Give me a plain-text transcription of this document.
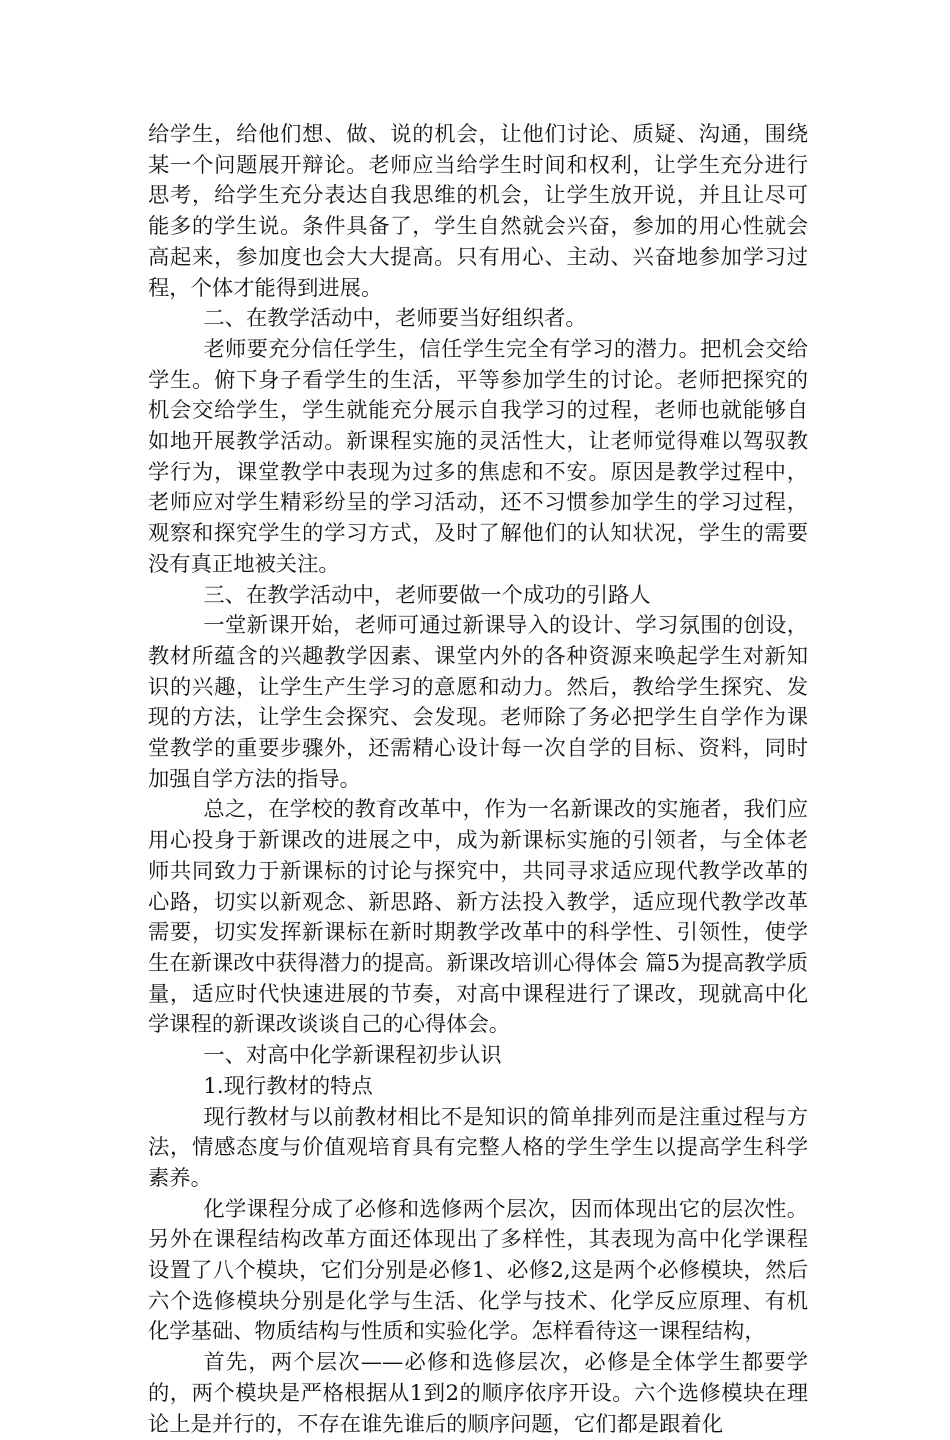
给学生，给他们想、做、说的机会，让他们讨论、质疑、沟通，围绕某一个问题展开辩论。老师应当给学生时间和权利，让学生充分进行思考，给学生充分表达自我思维的机会，让学生放开说，并且让尽可能多的学生说。条件具备了，学生自然就会兴奋，参加的用心性就会高起来，参加度也会大大提高。只有用心、主动、兴奋地参加学习过程，个体才能得到进展。

二、在教学活动中，老师要当好组织者。

老师要充分信任学生，信任学生完全有学习的潜力。把机会交给学生。俯下身子看学生的生活，平等参加学生的讨论。老师把探究的机会交给学生，学生就能充分展示自我学习的过程，老师也就能够自如地开展教学活动。新课程实施的灵活性大，让老师觉得难以驾驭教学行为，课堂教学中表现为过多的焦虑和不安。原因是教学过程中，老师应对学生精彩纷呈的学习活动，还不习惯参加学生的学习过程，观察和探究学生的学习方式，及时了解他们的认知状况，学生的需要没有真正地被关注。

三、在教学活动中，老师要做一个成功的引路人

一堂新课开始，老师可通过新课导入的设计、学习氛围的创设，教材所蕴含的兴趣教学因素、课堂内外的各种资源来唤起学生对新知识的兴趣，让学生产生学习的意愿和动力。然后，教给学生探究、发现的方法，让学生会探究、会发现。老师除了务必把学生自学作为课堂教学的重要步骤外，还需精心设计每一次自学的目标、资料，同时加强自学方法的指导。

总之，在学校的教育改革中，作为一名新课改的实施者，我们应用心投身于新课改的进展之中，成为新课标实施的引领者，与全体老师共同致力于新课标的讨论与探究中，共同寻求适应现代教学改革的心路，切实以新观念、新思路、新方法投入教学，适应现代教学改革需要，切实发挥新课标在新时期教学改革中的科学性、引领性，使学生在新课改中获得潜力的提高。新课改培训心得体会 篇5为提高教学质量，适应时代快速进展的节奏，对高中课程进行了课改，现就高中化学课程的新课改谈谈自己的心得体会。

一、对高中化学新课程初步认识

1.现行教材的特点

现行教材与以前教材相比不是知识的简单排列而是注重过程与方法，情感态度与价值观培育具有完整人格的学生学生以提高学生科学素养。

化学课程分成了必修和选修两个层次，因而体现出它的层次性。另外在课程结构改革方面还体现出了多样性，其表现为高中化学课程设置了八个模块，它们分别是必修1、必修2,这是两个必修模块，然后六个选修模块分别是化学与生活、化学与技术、化学反应原理、有机化学基础、物质结构与性质和实验化学。怎样看待这一课程结构，

首先，两个层次——必修和选修层次，必修是全体学生都要学的，两个模块是严格根据从1到2的顺序依序开设。六个选修模块在理论上是并行的，不存在谁先谁后的顺序问题，它们都是跟着化
